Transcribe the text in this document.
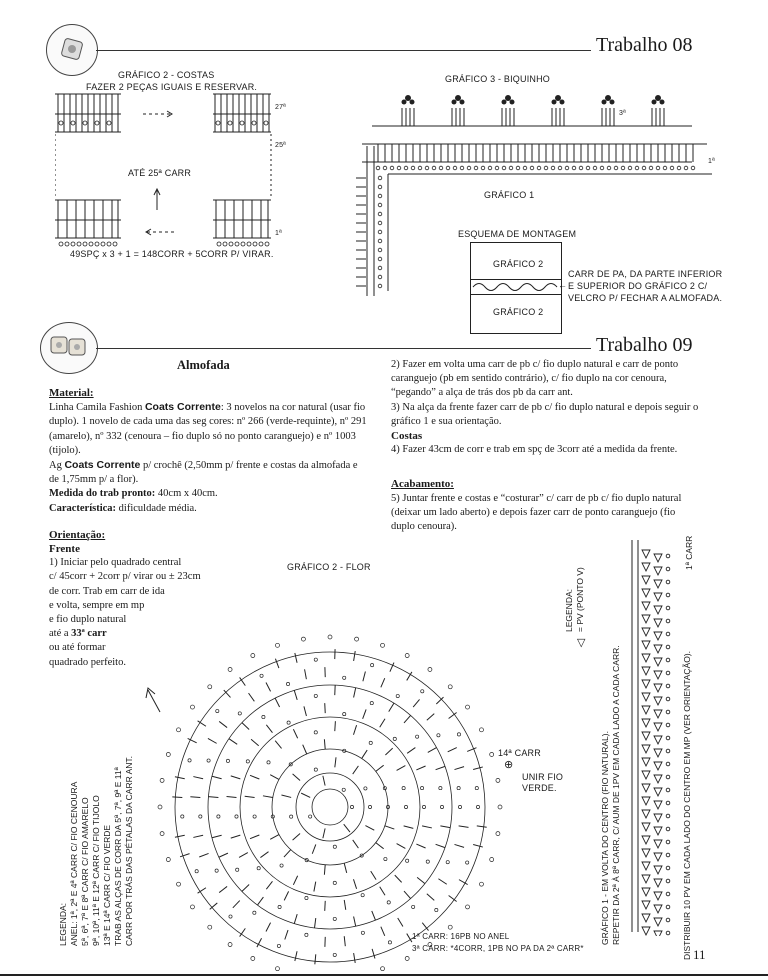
Trabalho 08
GRÁFICO 2 - COSTAS
FAZER 2 PEÇAS IGUAIS E RESERVAR.
27ª
25ª
ATÉ 25ª CARR
1ª
49SPÇ x 3 + 1 = 148CORR + 5CORR P/ VIRAR.
GRÁFICO 3 - BIQUINHO
3ª
1ª
GRÁFICO 1
ESQUEMA DE MONTAGEM
GRÁFICO 2
GRÁFICO 2
CARR DE PA, DA PARTE INFERIOR
← E SUPERIOR DO GRÁFICO 2 C/
VELCRO P/ FECHAR A ALMOFADA.
Trabalho 09
Almofada
Material:
Linha Camila Fashion Coats Corrente: 3 novelos na cor natural (usar fio duplo). 1 novelo de cada uma das seg cores: nº 266 (verde-requinte), nº 291 (amarelo), nº 332 (cenoura – fio duplo só no ponto caranguejo) e nº 1003 (tijolo).
Ag Coats Corrente p/ crochê (2,50mm p/ frente e costas da almofada e de 1,75mm p/ a flor).
Medida do trab pronto: 40cm x 40cm.
Característica: dificuldade média.
Orientação:
Frente
1) Iniciar pelo quadrado central
c/ 45corr + 2corr p/ virar ou ± 23cm
de corr. Trab em carr de ida
e volta, sempre em mp
e fio duplo natural
até a 33ª carr
ou até formar
quadrado perfeito.
2) Fazer em volta uma carr de pb c/ fio duplo natural e carr de ponto caranguejo (pb em sentido contrário), c/ fio duplo na cor cenoura, “pegando” a alça de trás dos pb da carr ant.
3) Na alça da frente fazer carr de pb c/ fio duplo natural e depois seguir o gráfico 1 e sua orientação.
Costas
4) Fazer 43cm de corr e trab em spç de 3corr até a medida da frente.
Acabamento:
5) Juntar frente e costas e “costurar” c/ carr de pb c/ fio duplo natural (deixar um lado aberto) e depois fazer carr de ponto caranguejo (fio duplo cenoura).
GRÁFICO 2 - FLOR
14ª CARR
⊕
UNIR FIO
VERDE.
1ª CARR: 16PB NO ANEL
3ª CARR: *4CORR, 1PB NO PA DA 2ª CARR*
LEGENDA: ANEL: 1ª, 2ª E 4ª CARR C/ FIO CENOURA 5ª, 6ª, 7ª E 8ª CARR C/ FIO AMARELO 9ª, 10ª, 11ª E 12ª CARR C/ FIO TIJOLO 13ª E 14ª CARR C/ FIO VERDE TRAB AS ALÇAS DE CORR DA 5ª, 7ª, 9ª E 11ª CARR POR TRÁS DAS PÉTALAS DA CARR ANT.
LEGENDA: = PV (PONTO V)
▽
GRÁFICO 1 - EM VOLTA DO CENTRO (FIO NATURAL). REPETIR DA 2ª À 8ª CARR, C/ AUM DE 1PV EM CADA LADO A CADA CARR.	DISTRIBUIR 10 PV EM CADA LADO DO CENTRO EM MP (VER ORIENTAÇÃO).
1ª CARR
11
